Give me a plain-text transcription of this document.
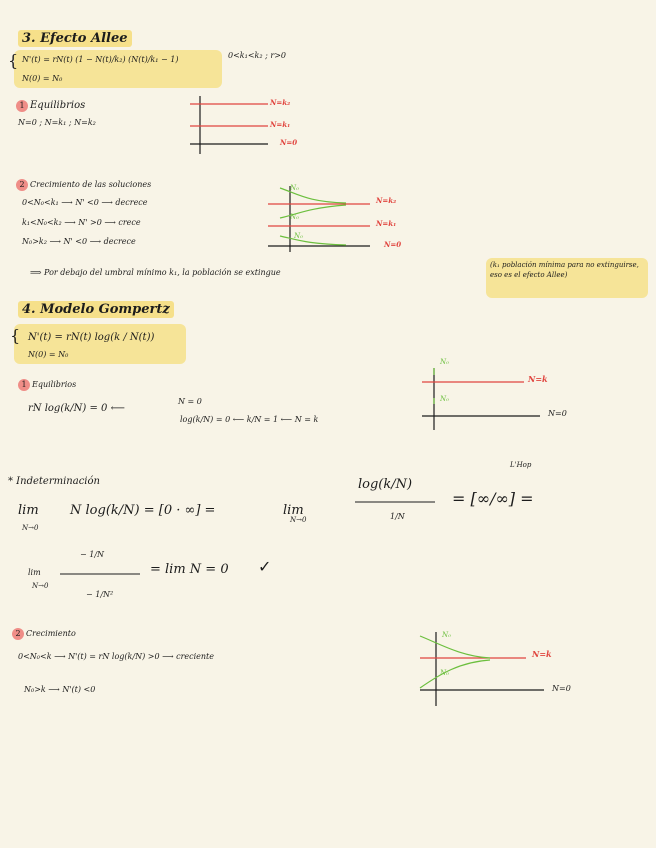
3. Efecto Allee
{ N'(t) = rN(t) (1 − N(t)/k₂) (N(t)/k₁ − 1)	0<k₁<k₂ ; r>0
N(0) = N₀
1 Equilibrios
N=0 ; N=k₁ ; N=k₂
N=k₂
N=k₁
N=0
2 Crecimiento de las soluciones
0<N₀<k₁ ⟶ N' <0 ⟶ decrece
k₁<N₀<k₂ ⟶ N' >0 ⟶ crece
N₀>k₂ ⟶ N' <0 ⟶ decrece
N₀
N₀
N₀
N=k₂
N=k₁
N=0
⟹ Por debajo del umbral mínimo k₁, la población se extingue
(k₁ población mínima para no extinguirse, eso es el efecto Allee)
4. Modelo Gompertz
{ N'(t) = rN(t) log(k / N(t))
N(0) = N₀
1 Equilibrios
rN log(k/N) = 0 ⟵
N = 0
log(k/N) = 0 ⟵ k/N = 1 ⟵ N = k
N₀
N₀
N=k
N=0
* Indeterminación
lim
N→0
N log(k/N) = [0 · ∞] =	lim
N→0
log(k/N)
1/N
L'Hop
= [∞/∞] =
lim
N→0
− 1/N
− 1/N²
= lim N = 0 ✓
2 Crecimiento
0<N₀<k ⟶ N'(t) = rN log(k/N) >0 ⟶ creciente
N₀>k ⟶ N'(t) <0
N₀
N₀
N=k
N=0
